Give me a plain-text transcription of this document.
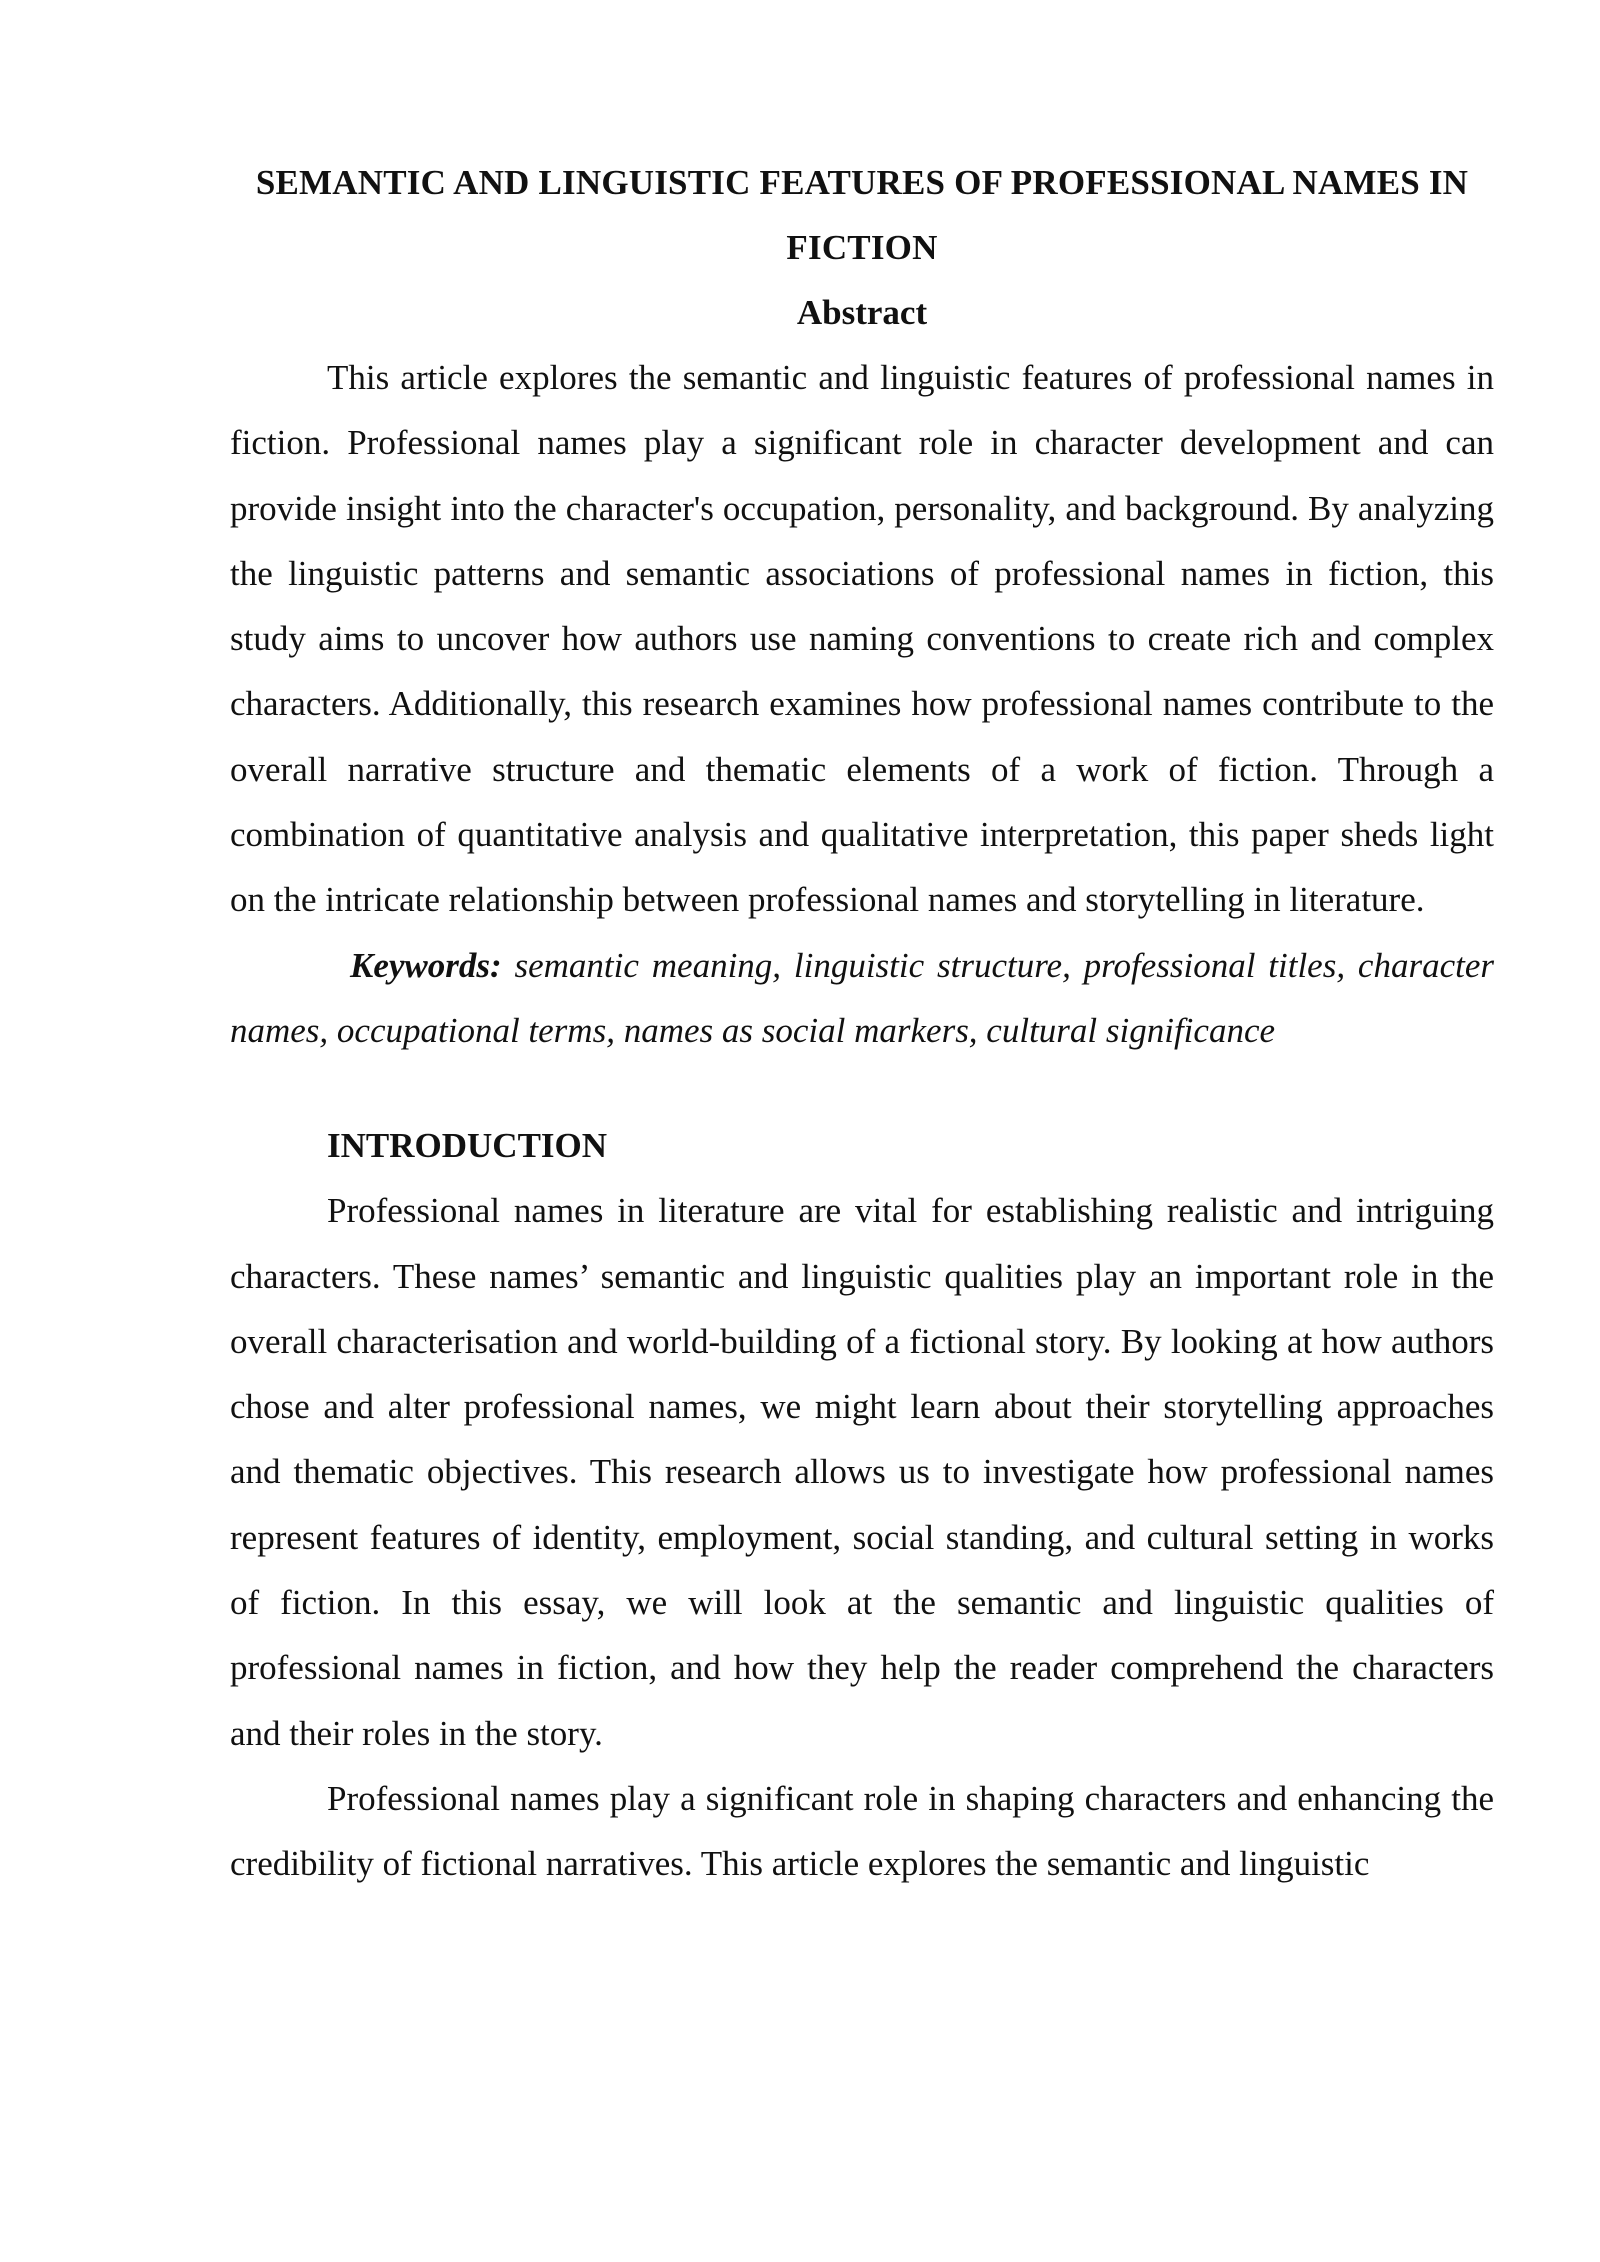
SEMANTIC AND LINGUISTIC FEATURES OF PROFESSIONAL NAMES IN FICTION
Abstract

This article explores the semantic and linguistic features of professional names in fiction. Professional names play a significant role in character development and can provide insight into the character's occupation, personality, and background. By analyzing the linguistic patterns and semantic associations of professional names in fiction, this study aims to uncover how authors use naming conventions to create rich and complex characters. Additionally, this research examines how professional names contribute to the overall narrative structure and thematic elements of a work of fiction. Through a combination of quantitative analysis and qualitative interpretation, this paper sheds light on the intricate relationship between professional names and storytelling in literature.

Keywords: semantic meaning, linguistic structure, professional titles, character names, occupational terms, names as social markers, cultural significance

INTRODUCTION

Professional names in literature are vital for establishing realistic and intriguing characters. These names’ semantic and linguistic qualities play an important role in the overall characterisation and world-building of a fictional story. By looking at how authors chose and alter professional names, we might learn about their storytelling approaches and thematic objectives. This research allows us to investigate how professional names represent features of identity, employment, social standing, and cultural setting in works of fiction. In this essay, we will look at the semantic and linguistic qualities of professional names in fiction, and how they help the reader comprehend the characters and their roles in the story.

Professional names play a significant role in shaping characters and enhancing the credibility of fictional narratives. This article explores the semantic and linguistic
